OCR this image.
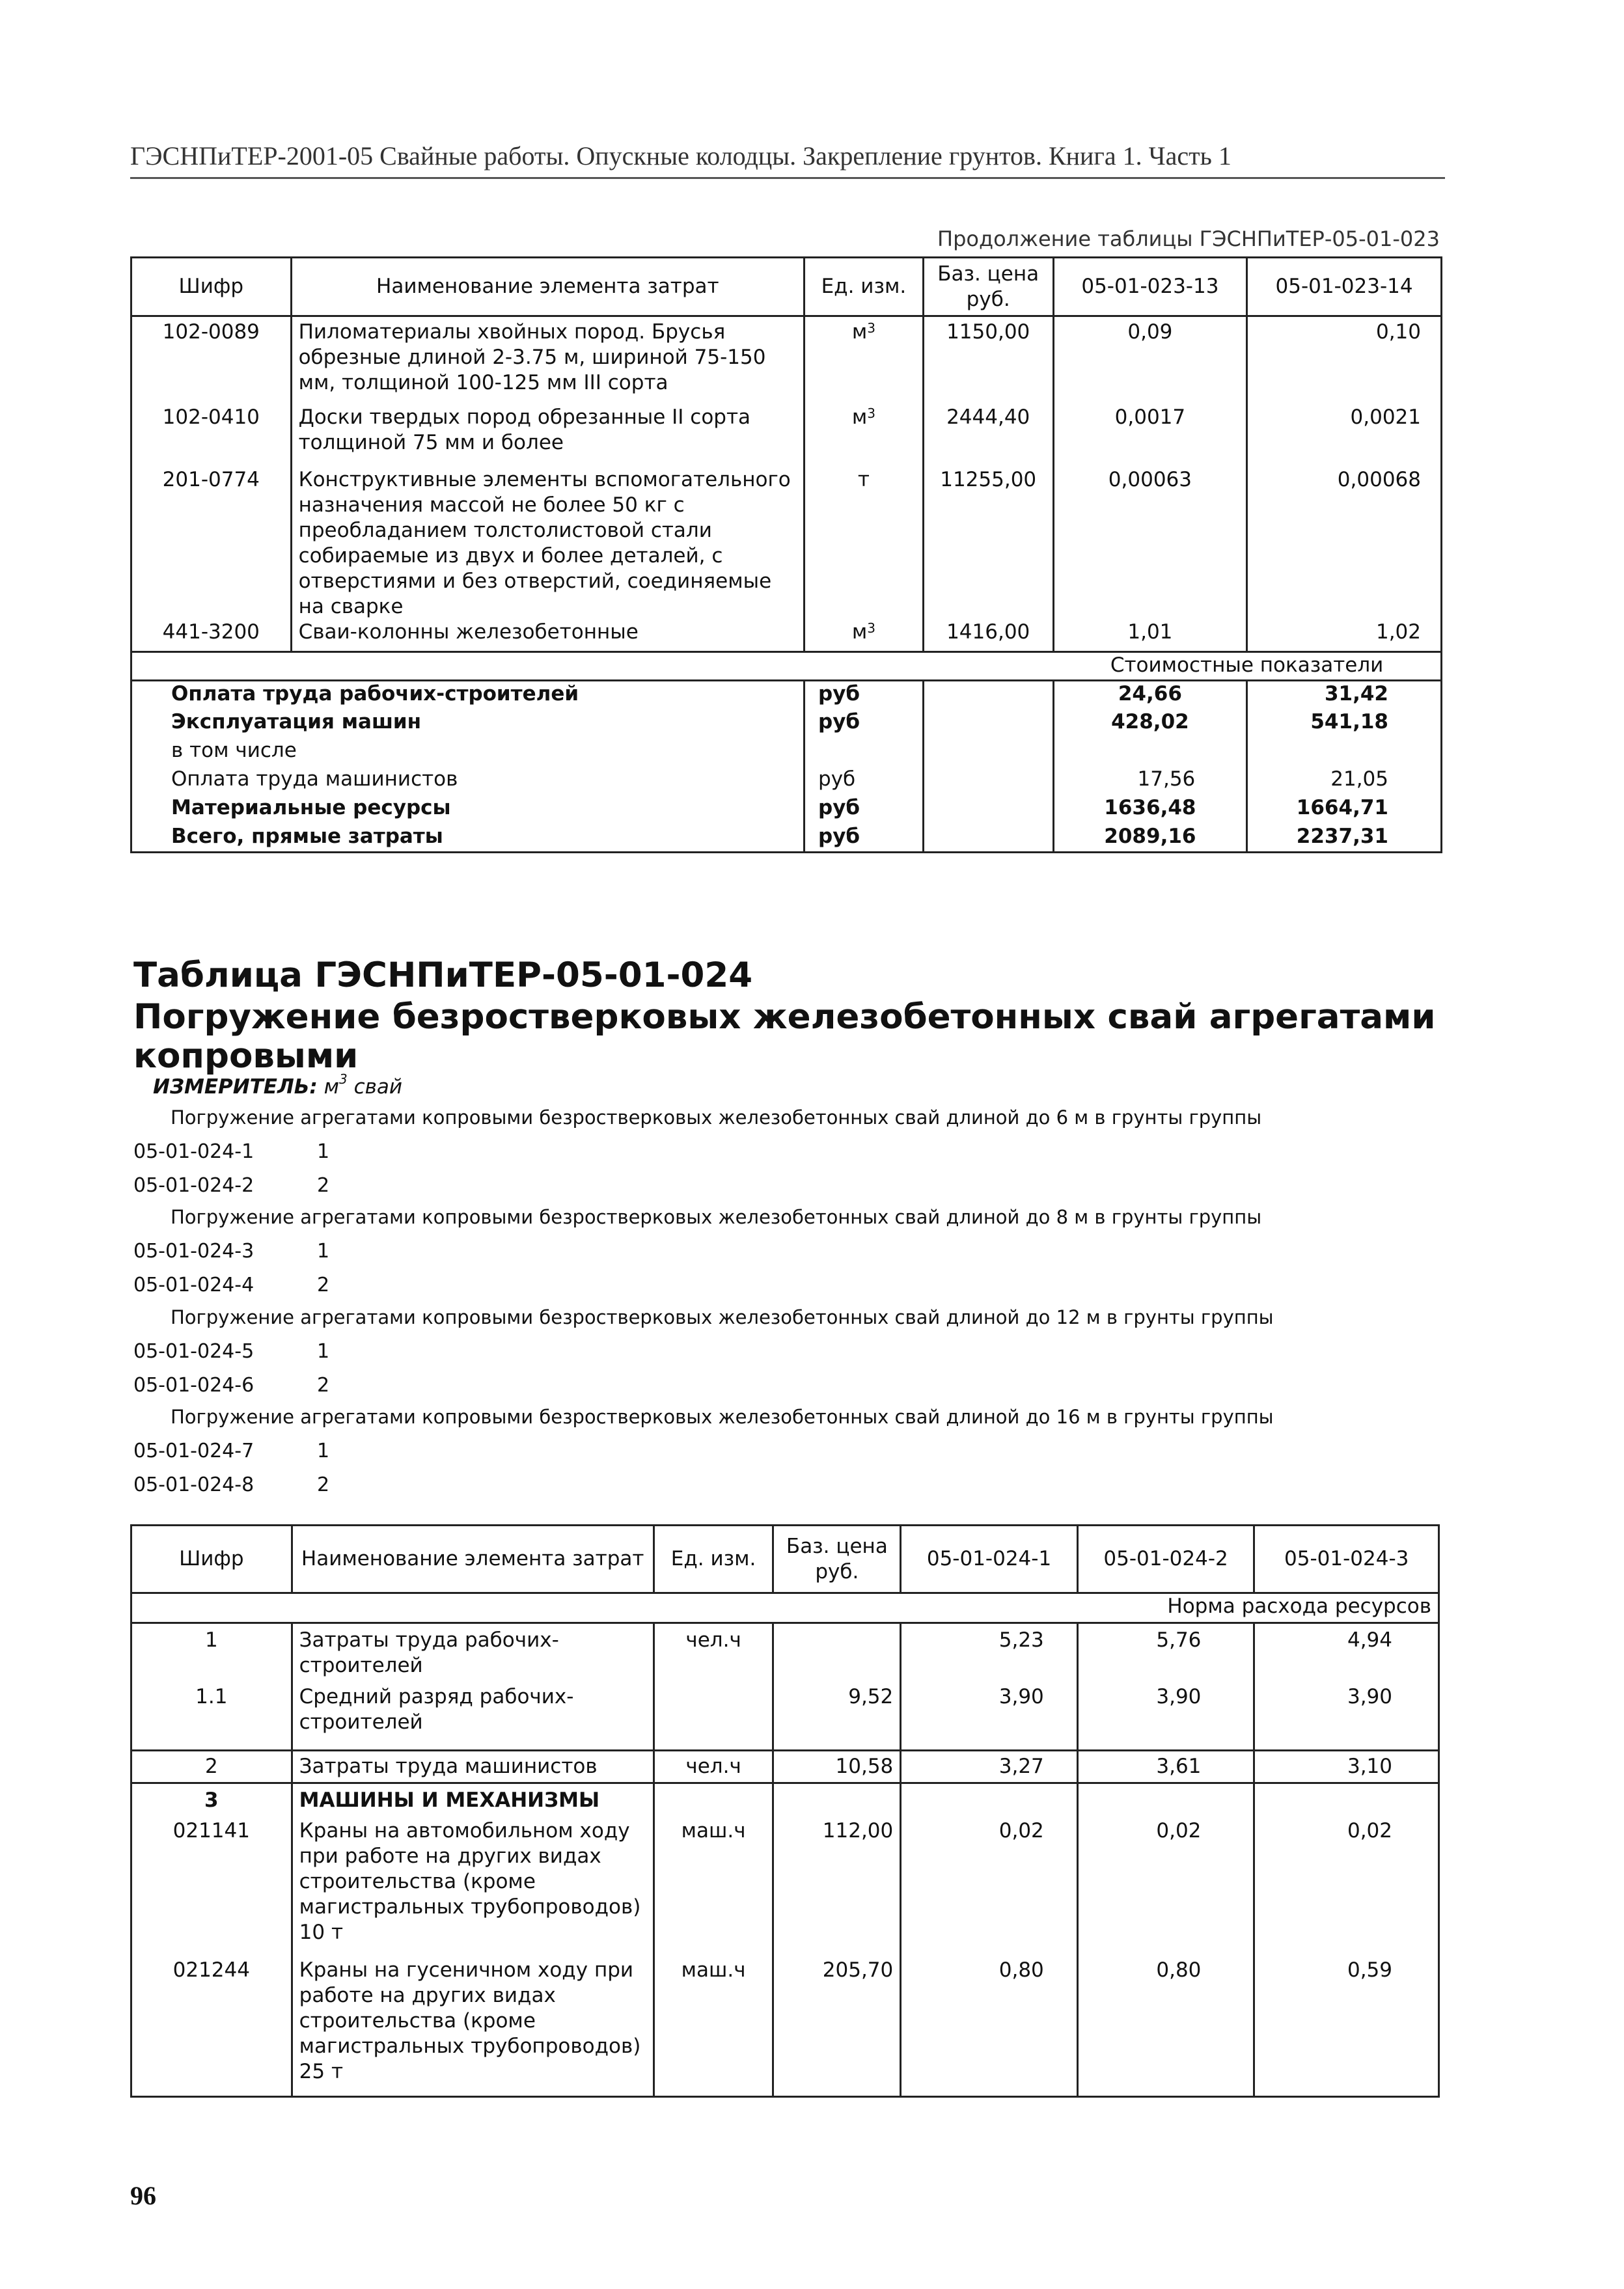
ГЭСНПиТЕР-2001-05 Свайные работы. Опускные колодцы. Закрепление грунтов. Книга 1. Часть 1
Продолжение таблицы ГЭСНПиТЕР-05-01-023
Шифр	Наименование элемента затрат	Ед. изм.	Баз. цена руб.	05-01-023-13	05-01-023-14
102-0089	Пиломатериалы хвойных пород. Брусья обрезные длиной 2-3.75 м, шириной 75-150 мм, толщиной 100-125 мм III сорта	$м^3$	1150,00	0,09	0,10
102-0410	Доски твердых пород обрезанные II сорта толщиной 75 мм и более	$м^3$	2444,40	0,0017	0,0021
201-0774	Конструктивные элементы вспомогательного назначения массой не более 50 кг с преобладанием толстолистовой стали собираемые из двух и более деталей, с отверстиями и без отверстий, соединяемые на сварке	т	11255,00	0,00063	0,00068
441-3200	Сваи-колонны железобетонные	$м^3$	1416,00	1,01	1,02
				Стоимостные показатели	
Оплата труда рабочих-строителей		руб		24,66	31,42
Эксплуатация машин		руб		428,02	541,18
в том числе					
Оплата труда машинистов		руб		17,56	21,05
Материальные ресурсы		руб		1636,48	1664,71
Всего, прямые затраты		руб		2089,16	2237,31
Таблица ГЭСНПиТЕР-05-01-024
Погружение безростверковых железобетонных свай агрегатами
копровыми
ИЗМЕРИТЕЛЬ: $м^3$ свай
Погружение агрегатами копровыми безростверковых железобетонных свай длиной до 6 м в грунты группы
05-01-024-1	1
05-01-024-2	2
Погружение агрегатами копровыми безростверковых железобетонных свай длиной до 8 м в грунты группы
05-01-024-3	1
05-01-024-4	2
Погружение агрегатами копровыми безростверковых железобетонных свай длиной до 12 м в грунты группы
05-01-024-5	1
05-01-024-6	2
Погружение агрегатами копровыми безростверковых железобетонных свай длиной до 16 м в грунты группы
05-01-024-7	1
05-01-024-8	2
Шифр	Наименование элемента затрат	Ед. изм.	Баз. цена руб.	05-01-024-1	05-01-024-2	05-01-024-3
				Норма расхода ресурсов		
1	Затраты труда рабочих-строителей	чел.ч		5,23	5,76	4,94
1.1	Средний разряд рабочих-строителей		9,52	3,90	3,90	3,90
2	Затраты труда машинистов	чел.ч	10,58	3,27	3,61	3,10
3	МАШИНЫ И МЕХАНИЗМЫ					
021141	Краны на автомобильном ходу при работе на других видах строительства (кроме магистральных трубопроводов) 10 т	маш.ч	112,00	0,02	0,02	0,02
021244	Краны на гусеничном ходу при работе на других видах строительства (кроме магистральных трубопроводов) 25 т	маш.ч	205,70	0,80	0,80	0,59
96
